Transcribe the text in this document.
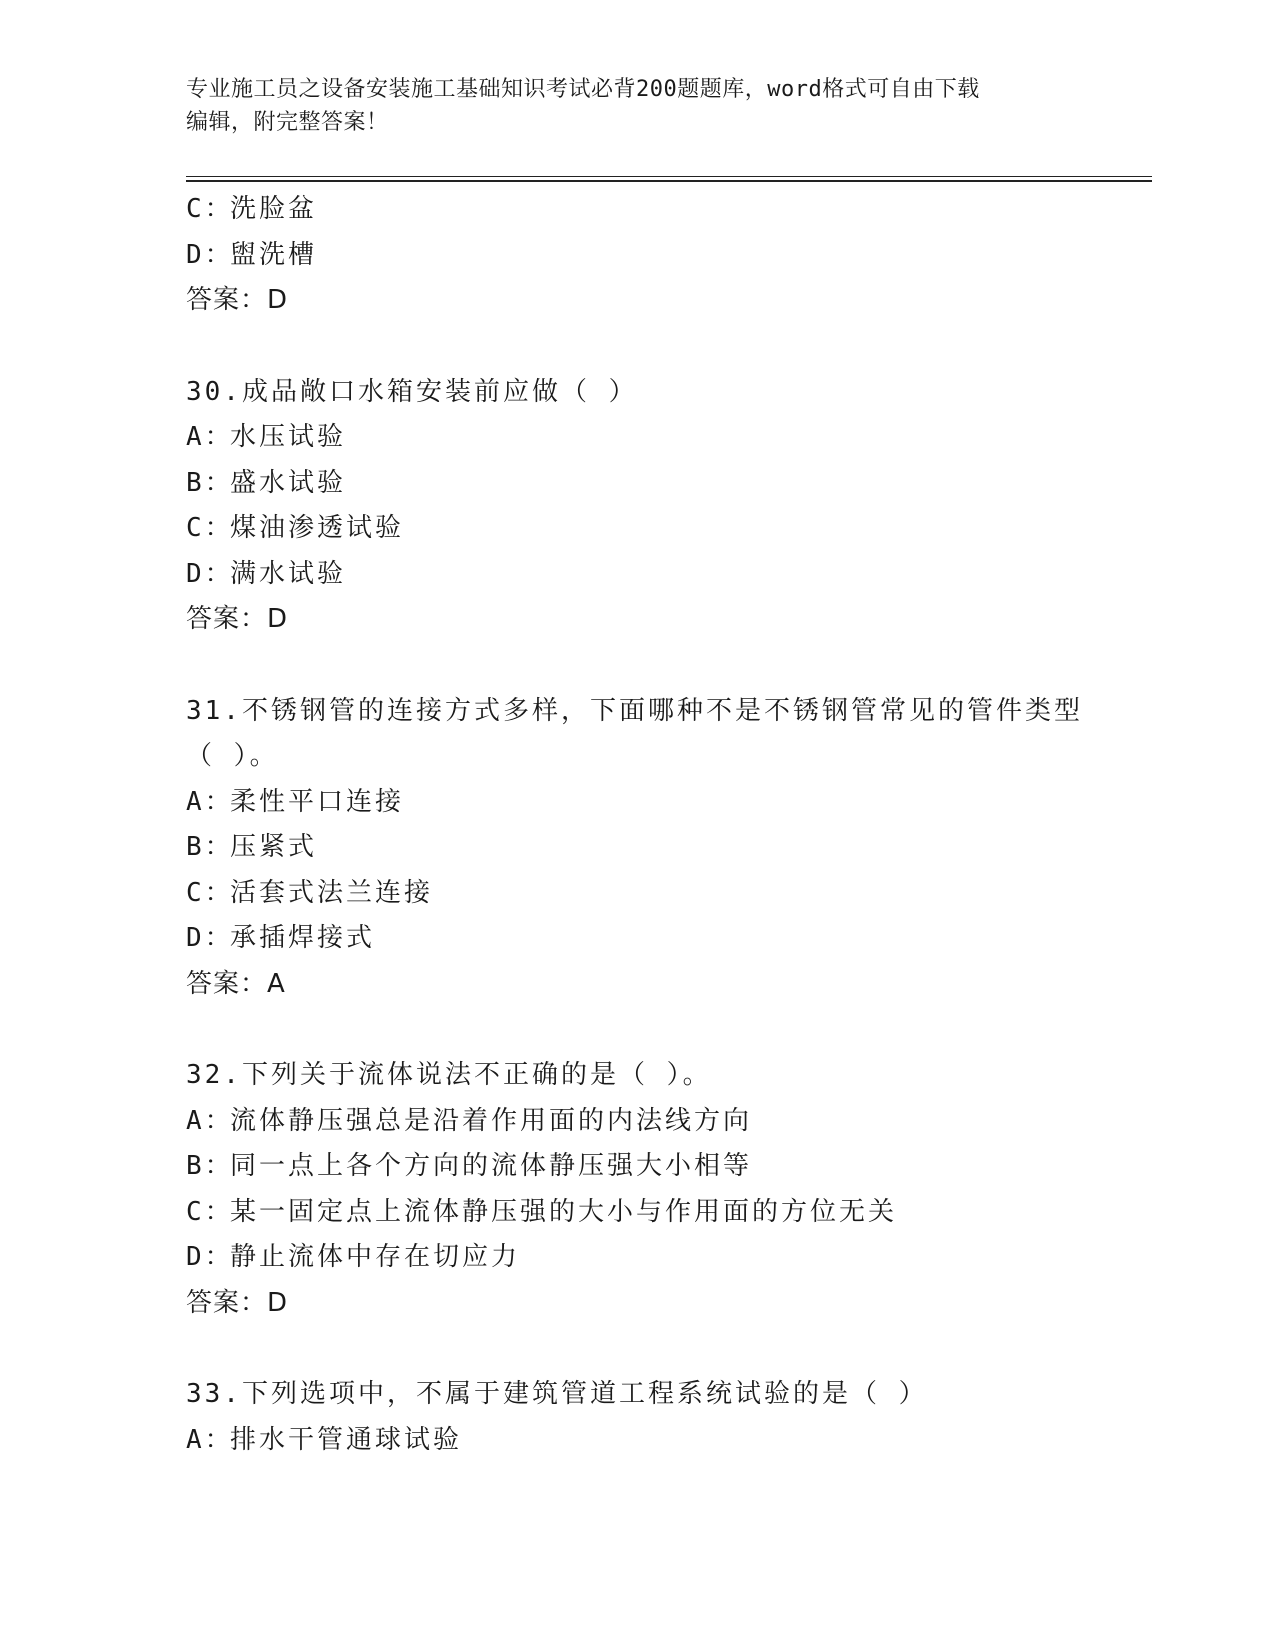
专业施工员之设备安装施工基础知识考试必背200题题库，word格式可自由下载
编辑，附完整答案！
C：洗脸盆
D：盥洗槽
答案：D
30.成品敞口水箱安装前应做（ ）
A：水压试验
B：盛水试验
C：煤油渗透试验
D：满水试验
答案：D
31.不锈钢管的连接方式多样，下面哪种不是不锈钢管常见的管件类型
（ ）。
A：柔性平口连接
B：压紧式
C：活套式法兰连接
D：承插焊接式
答案：A
32.下列关于流体说法不正确的是（ ）。
A：流体静压强总是沿着作用面的内法线方向
B：同一点上各个方向的流体静压强大小相等
C：某一固定点上流体静压强的大小与作用面的方位无关
D：静止流体中存在切应力
答案：D
33.下列选项中，不属于建筑管道工程系统试验的是（ ）
A：排水干管通球试验
